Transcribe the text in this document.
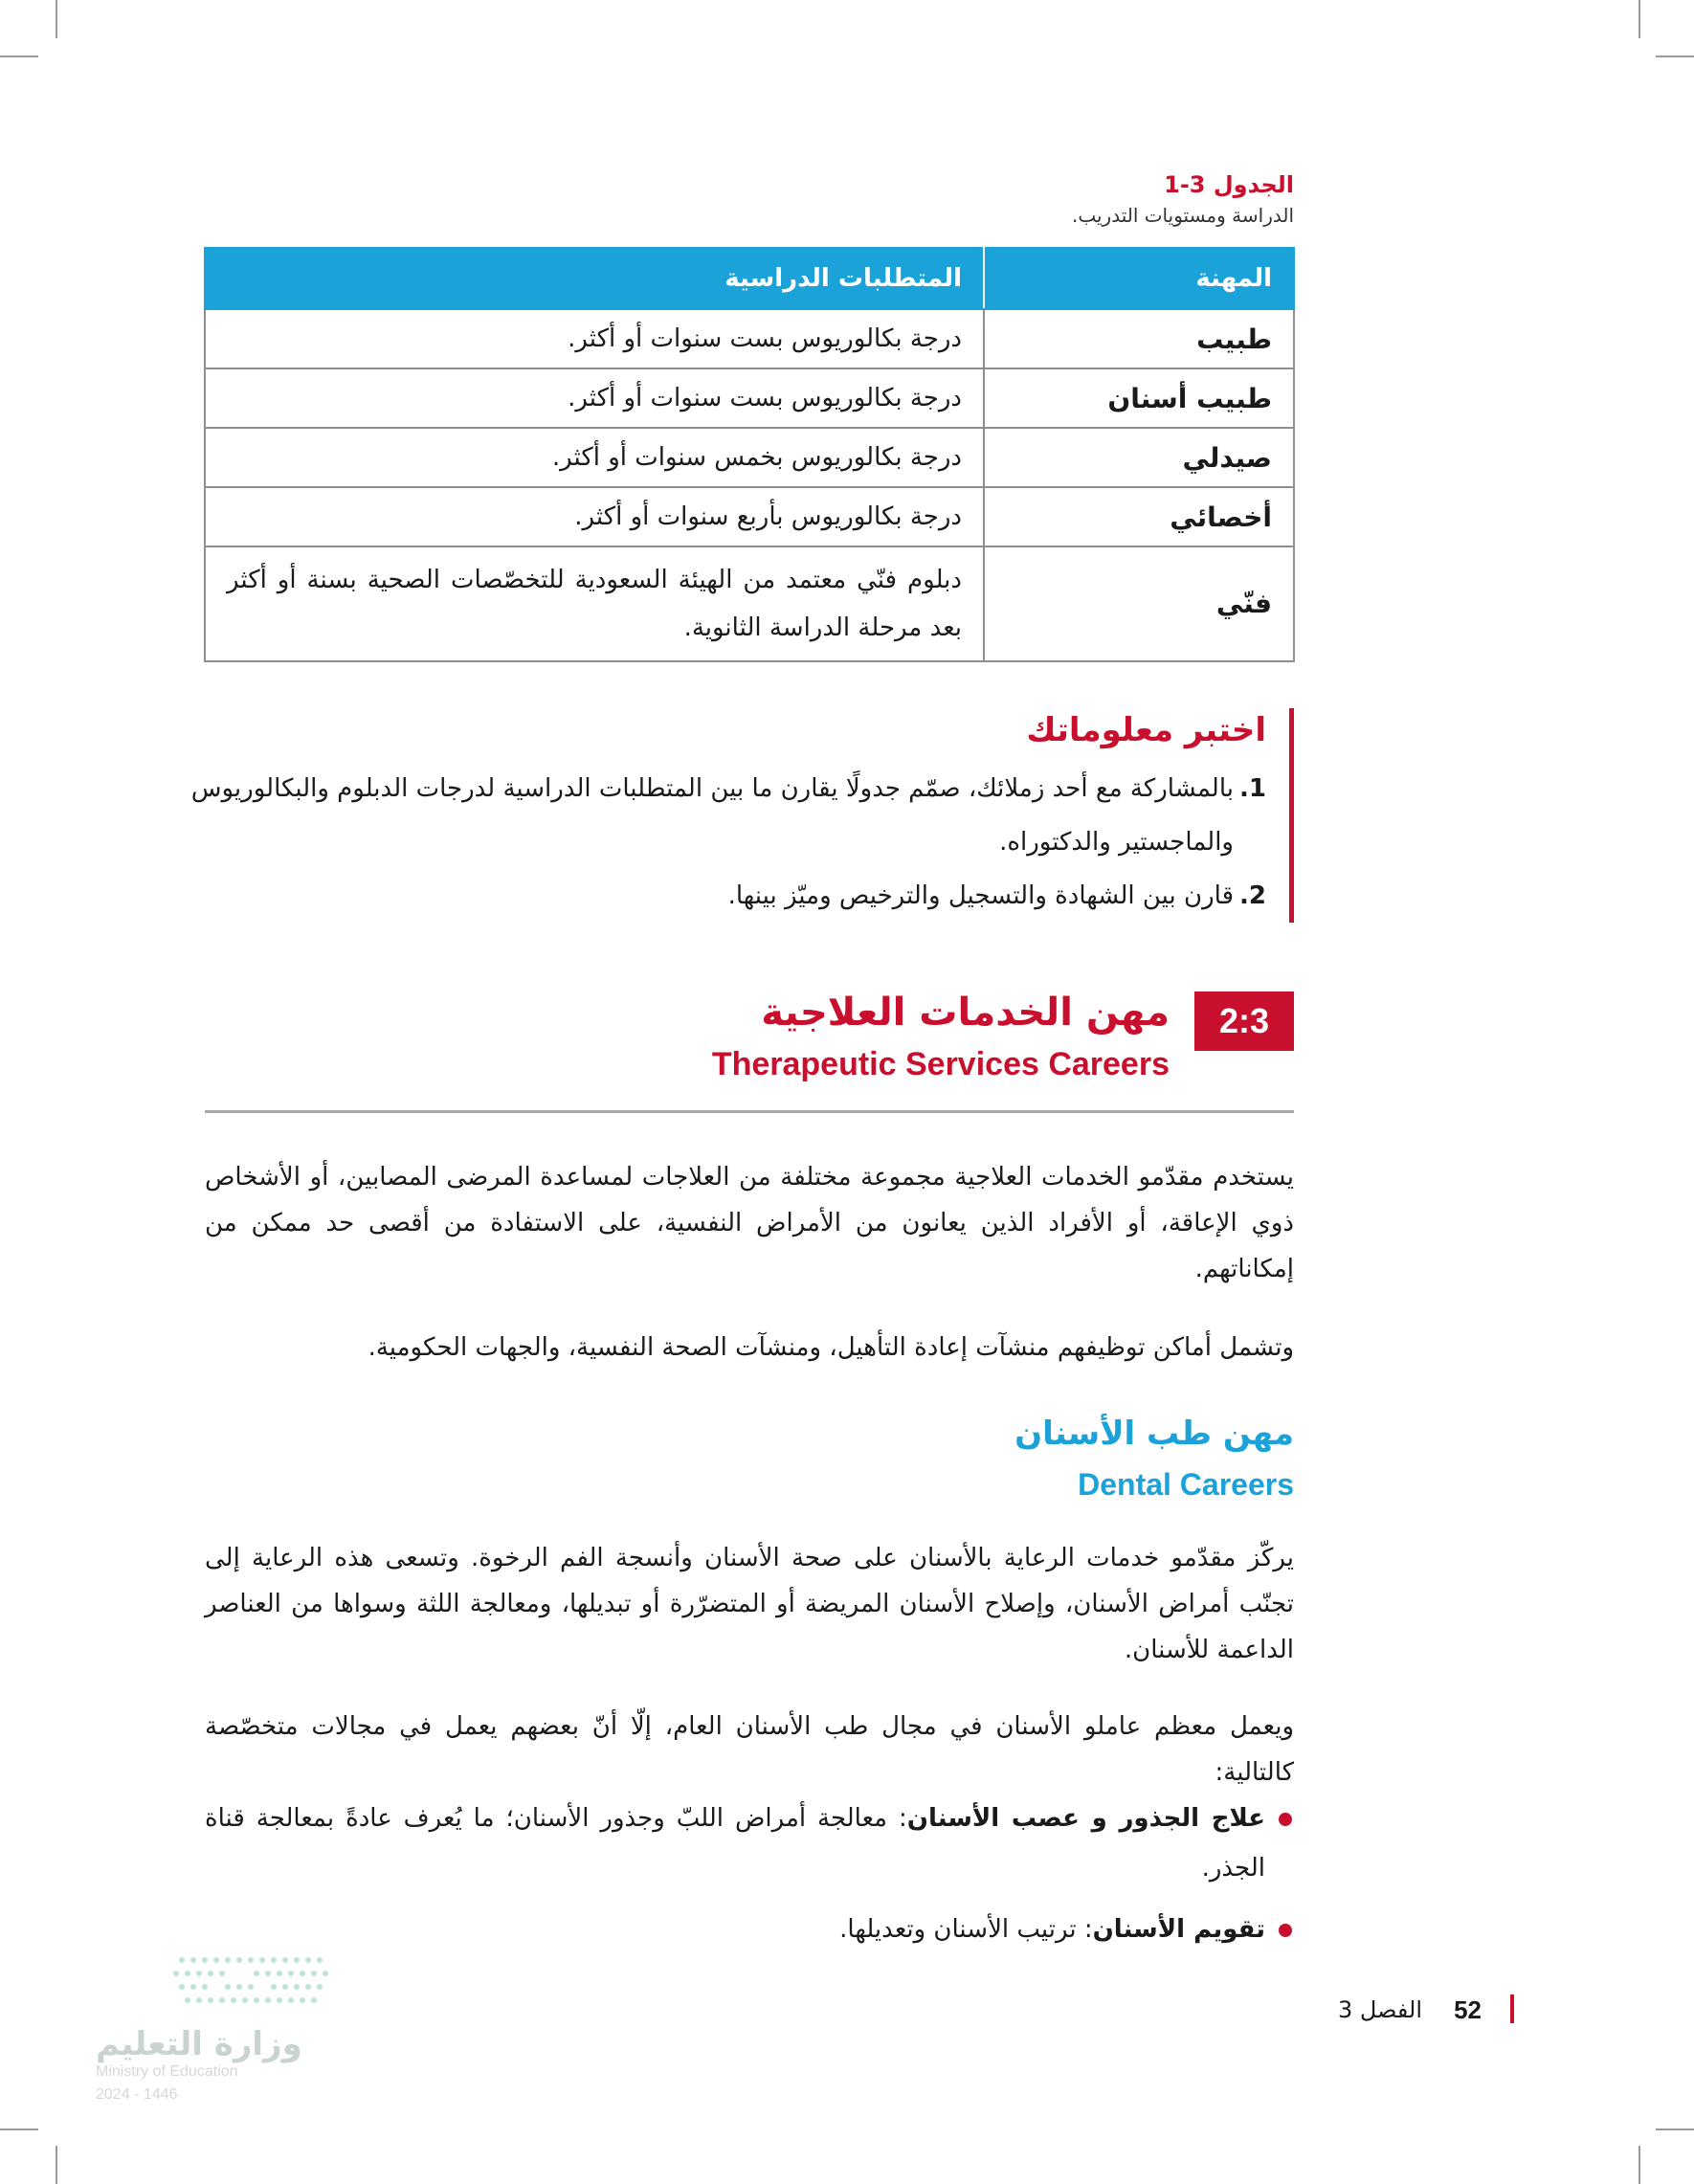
الجدول 3-1
الدراسة ومستويات التدريب.
المهنة	المتطلبات الدراسية
طبيب	درجة بكالوريوس بست سنوات أو أكثر.
طبيب أسنان	درجة بكالوريوس بست سنوات أو أكثر.
صيدلي	درجة بكالوريوس بخمس سنوات أو أكثر.
أخصائي	درجة بكالوريوس بأربع سنوات أو أكثر.
فنّي	دبلوم فنّي معتمد من الهيئة السعودية للتخصّصات الصحية بسنة أو أكثر بعد مرحلة الدراسة الثانوية.
اختبر معلوماتك
1.
بالمشاركة مع أحد زملائك، صمّم جدولًا يقارن ما بين المتطلبات الدراسية لدرجات الدبلوم والبكالوريوس والماجستير والدكتوراه.
2.
قارن بين الشهادة والتسجيل والترخيص وميّز بينها.
2:3
مهن الخدمات العلاجية
Therapeutic Services Careers

يستخدم مقدّمو الخدمات العلاجية مجموعة مختلفة من العلاجات لمساعدة المرضى المصابين، أو الأشخاص ذوي الإعاقة، أو الأفراد الذين يعانون من الأمراض النفسية، على الاستفادة من أقصى حد ممكن من إمكاناتهم.

وتشمل أماكن توظيفهم منشآت إعادة التأهيل، ومنشآت الصحة النفسية، والجهات الحكومية.

مهن طب الأسنان
Dental Careers

يركّز مقدّمو خدمات الرعاية بالأسنان على صحة الأسنان وأنسجة الفم الرخوة. وتسعى هذه الرعاية إلى تجنّب أمراض الأسنان، وإصلاح الأسنان المريضة أو المتضرّرة أو تبديلها، ومعالجة اللثة وسواها من العناصر الداعمة للأسنان.

ويعمل معظم عاملو الأسنان في مجال طب الأسنان العام، إلّا أنّ بعضهم يعمل في مجالات متخصّصة كالتالية:

علاج الجذور و عصب الأسنان: معالجة أمراض اللبّ وجذور الأسنان؛ ما يُعرف عادةً بمعالجة قناة الجذر.
تقويم الأسنان: ترتيب الأسنان وتعديلها.
52
الفصل 3
وزارة التعليم
Ministry of Education
2024 - 1446
